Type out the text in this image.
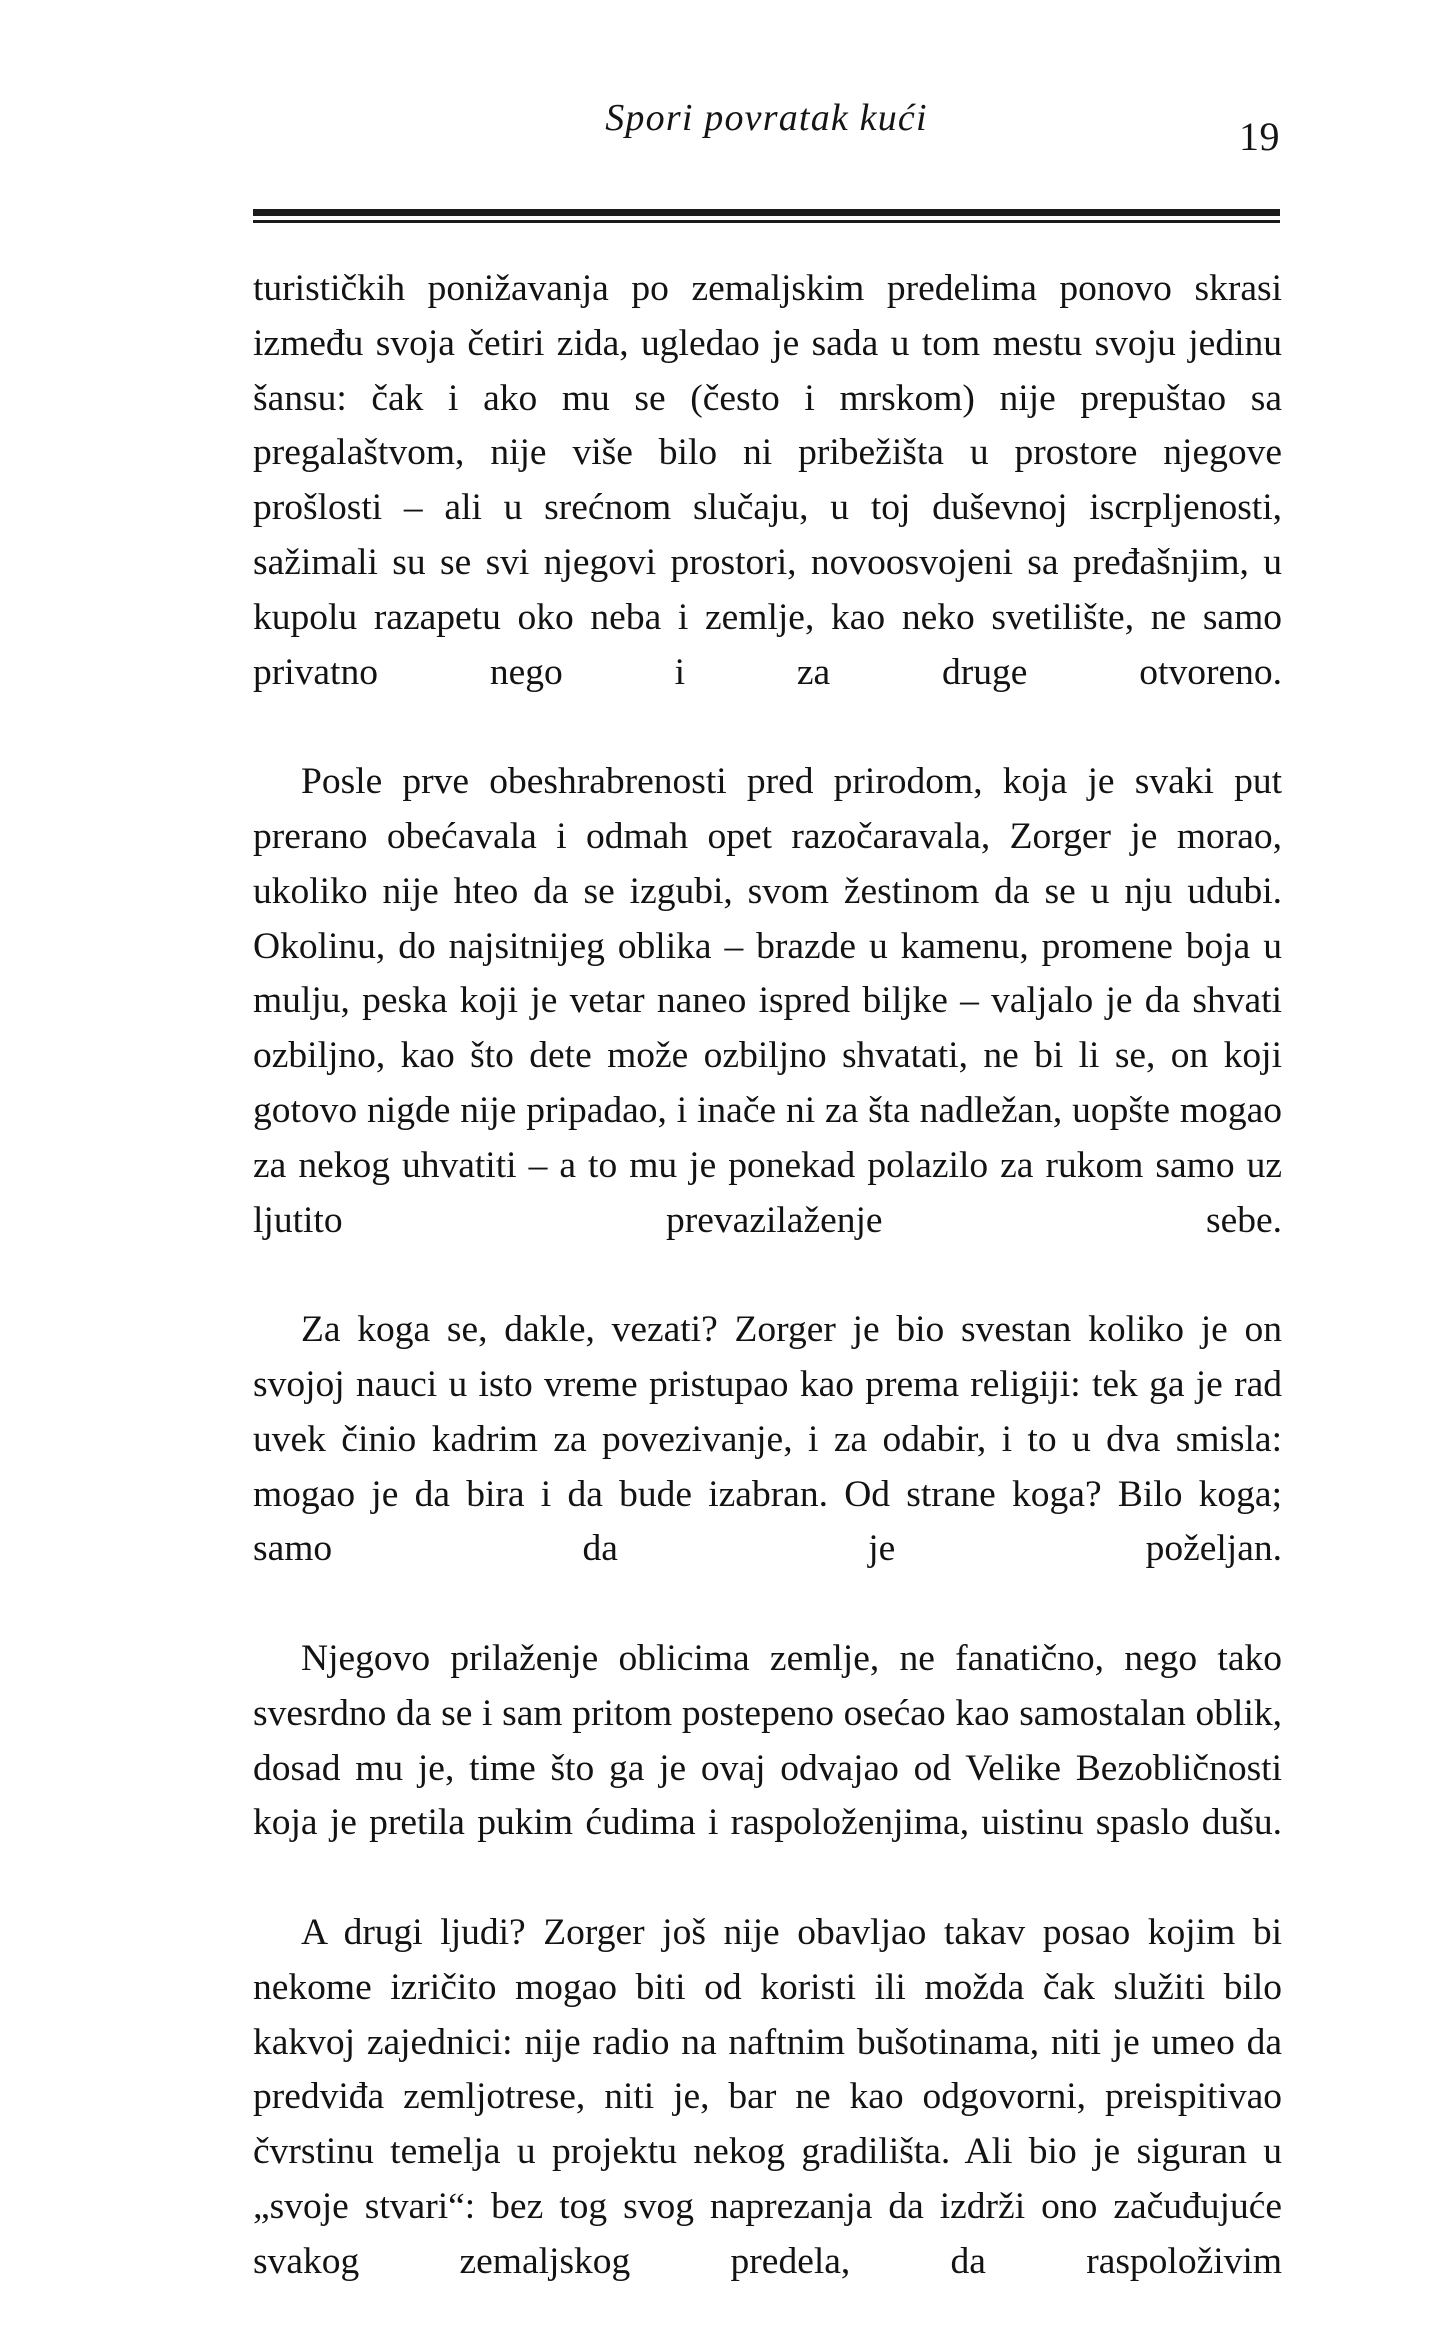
Spori povratak kući	19

turističkih ponižavanja po zemaljskim predelima ponovo skrasi između svoja četiri zida, ugledao je sada u tom mestu svoju jedinu šansu: čak i ako mu se (često i mrskom) nije prepuštao sa pregalaštvom, nije više bilo ni pribežišta u prostore njegove prošlosti – ali u srećnom slučaju, u toj duševnoj iscrpljenosti, sažimali su se svi njegovi prostori, novoosvojeni sa pređašnjim, u kupolu razapetu oko neba i zemlje, kao neko svetilište, ne samo privatno nego i za druge otvoreno.

Posle prve obeshrabrenosti pred prirodom, koja je svaki put prerano obećavala i odmah opet razočaravala, Zorger je morao, ukoliko nije hteo da se izgubi, svom žestinom da se u nju udubi. Okolinu, do najsitnijeg oblika – brazde u kamenu, promene boja u mulju, peska koji je vetar naneo ispred biljke – valjalo je da shvati ozbiljno, kao što dete može ozbiljno shvatati, ne bi li se, on koji gotovo nigde nije pripadao, i inače ni za šta nadležan, uopšte mogao za nekog uhvatiti – a to mu je ponekad polazilo za rukom samo uz ljutito prevazilaženje sebe.

Za koga se, dakle, vezati? Zorger je bio svestan koliko je on svojoj nauci u isto vreme pristupao kao prema religiji: tek ga je rad uvek činio kadrim za povezivanje, i za odabir, i to u dva smisla: mogao je da bira i da bude izabran. Od strane koga? Bilo koga; samo da je poželjan.

Njegovo prilaženje oblicima zemlje, ne fanatično, nego tako svesrdno da se i sam pritom postepeno osećao kao samostalan oblik, dosad mu je, time što ga je ovaj odvajao od Velike Bezobličnosti koja je pretila pukim ćudima i raspoloženjima, uistinu spaslo dušu.

A drugi ljudi? Zorger još nije obavljao takav posao kojim bi nekome izričito mogao biti od koristi ili možda čak služiti bilo kakvoj zajednici: nije radio na naftnim bušotinama, niti je umeo da predviđa zemljotrese, niti je, bar ne kao odgovorni, preispitivao čvrstinu temelja u projektu nekog gradilišta. Ali bio je siguran u „svoje stvari“: bez tog svog naprezanja da izdrži ono začuđujuće svakog zemaljskog predela, da raspoloživim
